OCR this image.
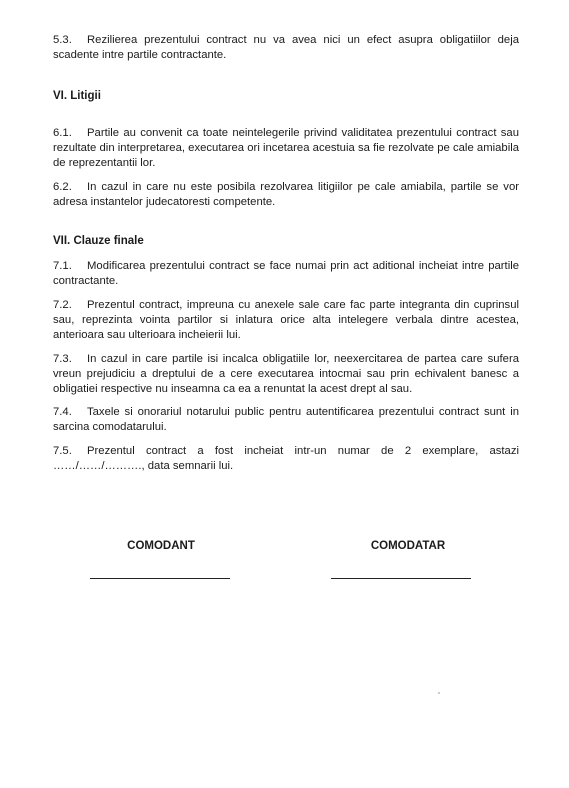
5.3. Rezilierea prezentului contract nu va avea nici un efect asupra obligatiilor deja scadente intre partile contractante.
VI. Litigii
6.1. Partile au convenit ca toate neintelegerile privind validitatea prezentului contract sau rezultate din interpretarea, executarea ori incetarea acestuia sa fie rezolvate pe cale amiabila de reprezentantii lor.
6.2. In cazul in care nu este posibila rezolvarea litigiilor pe cale amiabila, partile se vor adresa instantelor judecatoresti competente.
VII. Clauze finale
7.1. Modificarea prezentului contract se face numai prin act aditional incheiat intre partile contractante.
7.2. Prezentul contract, impreuna cu anexele sale care fac parte integranta din cuprinsul sau, reprezinta vointa partilor si inlatura orice alta intelegere verbala dintre acestea, anterioara sau ulterioara incheierii lui.
7.3. In cazul in care partile isi incalca obligatiile lor, neexercitarea de partea care sufera vreun prejudiciu a dreptului de a cere executarea intocmai sau prin echivalent banesc a obligatiei respective nu inseamna ca ea a renuntat la acest drept al sau.
7.4. Taxele si onorariul notarului public pentru autentificarea prezentului contract sunt in sarcina comodatarului.
7.5. Prezentul contract a fost incheiat intr-un numar de 2 exemplare, astazi ……/……/………., data semnarii lui.
COMODANT	COMODATAR
